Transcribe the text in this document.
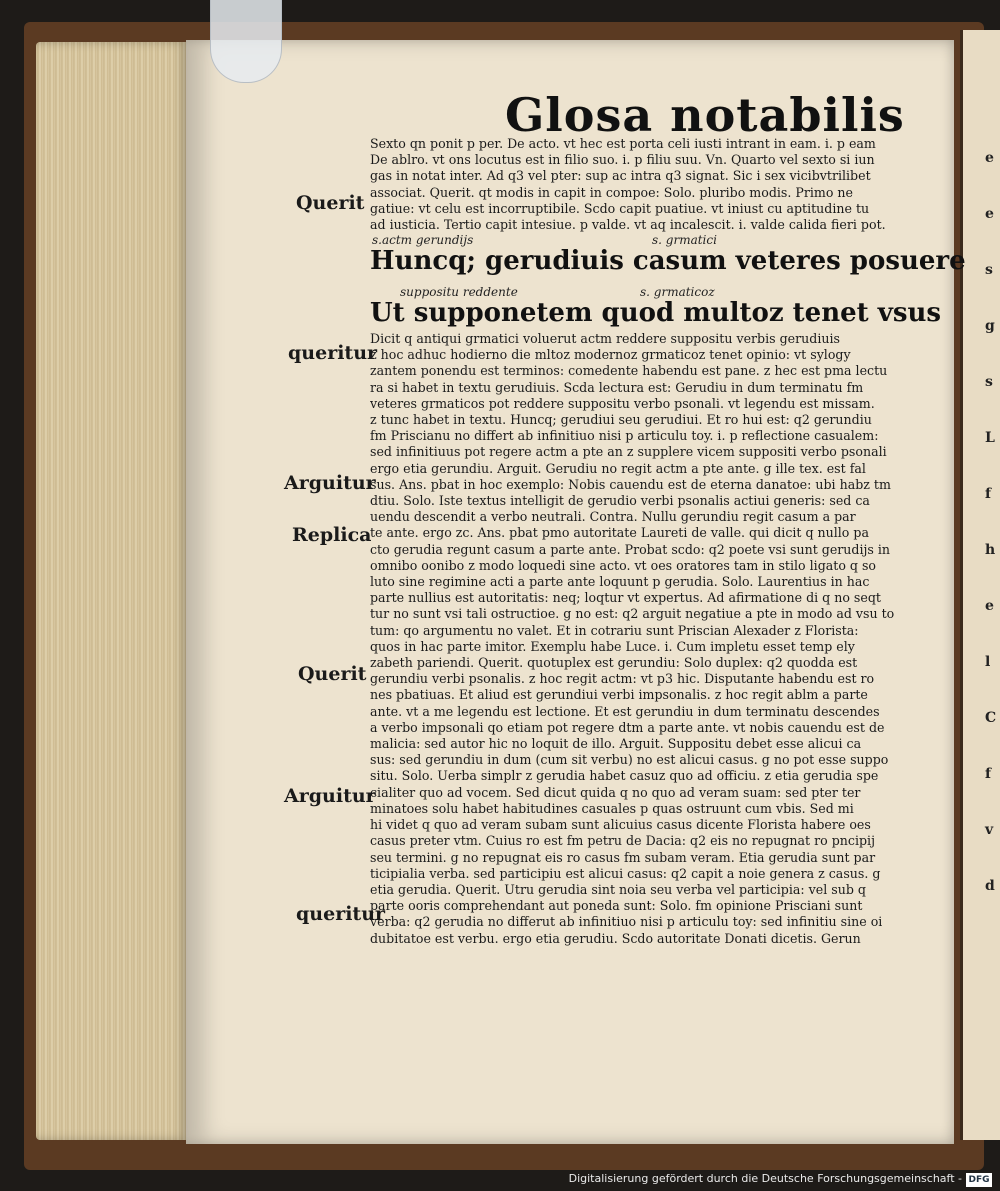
e
e
s
g
s
L
f
h
e
l
C
f
v
d
Glosa notabilis
Sexto qn ponit p per. De acto. vt hec est porta celi iusti intrant in eam. i. p eam
De ablro. vt ons locutus est in filio suo. i. p filiu suu. Vn. Quarto vel sexto si iun
gas in notat inter. Ad q3 vel pter: sup ac intra q3 signat. Sic i sex vicibvtrilibet
associat. Querit. qt modis in capit in compoe: Solo. pluribo modis. Primo ne
gatiue: vt celu est incorruptibile. Scdo capit puatiue. vt iniust cu aptitudine tu
ad iusticia. Tertio capit intesiue. p valde. vt aq incalescit. i. valde calida fieri pot.
s.actm gerundijs	s. grmatici
Huncq; gerudiuis casum veteres posuere
suppositu reddente	s. grmaticoz
Ut supponetem quod multoz tenet vsus
Dicit q antiqui grmatici voluerut actm reddere suppositu verbis gerudiuis
z hoc adhuc hodierno die mltoz modernoz grmaticoz tenet opinio: vt sylogy
zantem ponendu est terminos: comedente habendu est pane. z hec est pma lectu
ra si habet in textu gerudiuis. Scda lectura est: Gerudiu in dum terminatu fm
veteres grmaticos pot reddere suppositu verbo psonali. vt legendu est missam.
z tunc habet in textu. Huncq; gerudiui seu gerudiui. Et ro hui est: q2 gerundiu
fm Priscianu no differt ab infinitiuo nisi p articulu toy. i. p reflectione casualem:
sed infinitiuus pot regere actm a pte an z supplere vicem suppositi verbo psonali
ergo etia gerundiu. Arguit. Gerudiu no regit actm a pte ante. g ille tex. est fal
sus. Ans. pbat in hoc exemplo: Nobis cauendu est de eterna danatoe: ubi habz tm
dtiu. Solo. Iste textus intelligit de gerudio verbi psonalis actiui generis: sed ca
uendu descendit a verbo neutrali. Contra. Nullu gerundiu regit casum a par
te ante. ergo zc. Ans. pbat pmo autoritate Laureti de valle. qui dicit q nullo pa
cto gerudia regunt casum a parte ante. Probat scdo: q2 poete vsi sunt gerudijs in
omnibo oonibo z modo loquedi sine acto. vt oes oratores tam in stilo ligato q so
luto sine regimine acti a parte ante loquunt p gerudia. Solo. Laurentius in hac
parte nullius est autoritatis: neq; loqtur vt expertus. Ad afirmatione di q no seqt
tur no sunt vsi tali ostructioe. g no est: q2 arguit negatiue a pte in modo ad vsu to
tum: qo argumentu no valet. Et in cotrariu sunt Priscian Alexader z Florista:
quos in hac parte imitor. Exemplu habe Luce. i. Cum impletu esset temp ely
zabeth pariendi. Querit. quotuplex est gerundiu: Solo duplex: q2 quodda est
gerundiu verbi psonalis. z hoc regit actm: vt p3 hic. Disputante habendu est ro
nes pbatiuas. Et aliud est gerundiui verbi impsonalis. z hoc regit ablm a parte
ante. vt a me legendu est lectione. Et est gerundiu in dum terminatu descendes
a verbo impsonali qo etiam pot regere dtm a parte ante. vt nobis cauendu est de
malicia: sed autor hic no loquit de illo. Arguit. Suppositu debet esse alicui ca
sus: sed gerundiu in dum (cum sit verbu) no est alicui casus. g no pot esse suppo
situ. Solo. Uerba simplr z gerudia habet casuz quo ad officiu. z etia gerudia spe
cialiter quo ad vocem. Sed dicut quida q no quo ad veram suam: sed pter ter
minatoes solu habet habitudines casuales p quas ostruunt cum vbis. Sed mi
hi videt q quo ad veram subam sunt alicuius casus dicente Florista habere oes
casus preter vtm. Cuius ro est fm petru de Dacia: q2 eis no repugnat ro pncipij
seu termini. g no repugnat eis ro casus fm subam veram. Etia gerudia sunt par
ticipialia verba. sed participiu est alicui casus: q2 capit a noie genera z casus. g
etia gerudia. Querit. Utru gerudia sint noia seu verba vel participia: vel sub q
parte ooris comprehendant aut poneda sunt: Solo. fm opinione Prisciani sunt
verba: q2 gerudia no differut ab infinitiuo nisi p articulu toy: sed infinitiu sine oi
dubitatoe est verbu. ergo etia gerudiu. Scdo autoritate Donati dicetis. Gerun
Querit
queritur
Arguitur
Replica
Querit
Arguitur
queritur
Digitalisierung gefördert durch die Deutsche Forschungsgemeinschaft - DFG
